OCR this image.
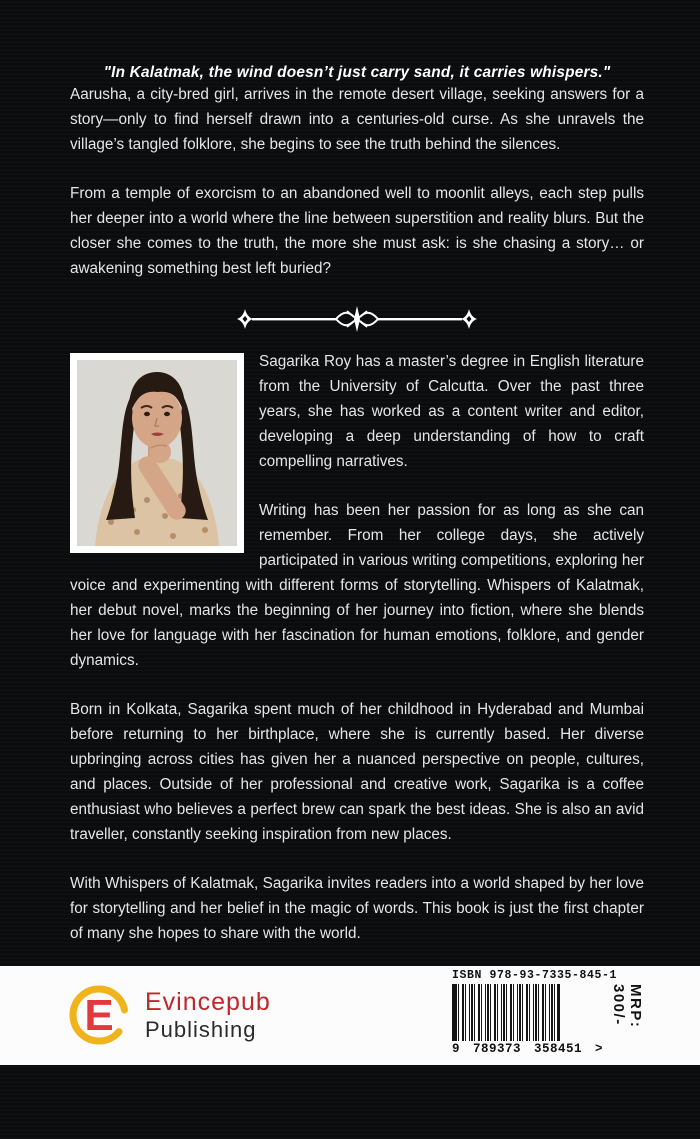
"In Kalatmak, the wind doesn’t just carry sand, it carries whispers."

Aarusha, a city-bred girl, arrives in the remote desert village, seeking answers for a story—only to find herself drawn into a centuries-old curse. As she unravels the village’s tangled folklore, she begins to see the truth behind the silences.

From a temple of exorcism to an abandoned well to moonlit alleys, each step pulls her deeper into a world where the line between superstition and reality blurs. But the closer she comes to the truth, the more she must ask: is she chasing a story… or awakening something best left buried?

Sagarika Roy has a master’s degree in English literature from the University of Calcutta. Over the past three years, she has worked as a content writer and editor, developing a deep understanding of how to craft compelling narratives.

Writing has been her passion for as long as she can remember. From her college days, she actively participated in various writing competitions, exploring her voice and experimenting with different forms of storytelling. Whispers of Kalatmak, her debut novel, marks the beginning of her journey into fiction, where she blends her love for language with her fascination for human emotions, folklore, and gender dynamics.

Born in Kolkata, Sagarika spent much of her childhood in Hyderabad and Mumbai before returning to her birthplace, where she is currently based. Her diverse upbringing across cities has given her a nuanced perspective on people, cultures, and places. Outside of her professional and creative work, Sagarika is a coffee enthusiast who believes a perfect brew can spark the best ideas. She is also an avid traveller, constantly seeking inspiration from new places.

With Whispers of Kalatmak, Sagarika invites readers into a world shaped by her love for storytelling and her belief in the magic of words. This book is just the first chapter of many she hopes to share with the world.

E Evincepub
Publishing
ISBN 978-93-7335-845-1
9 789373 358451 >
MRP: 300/-
